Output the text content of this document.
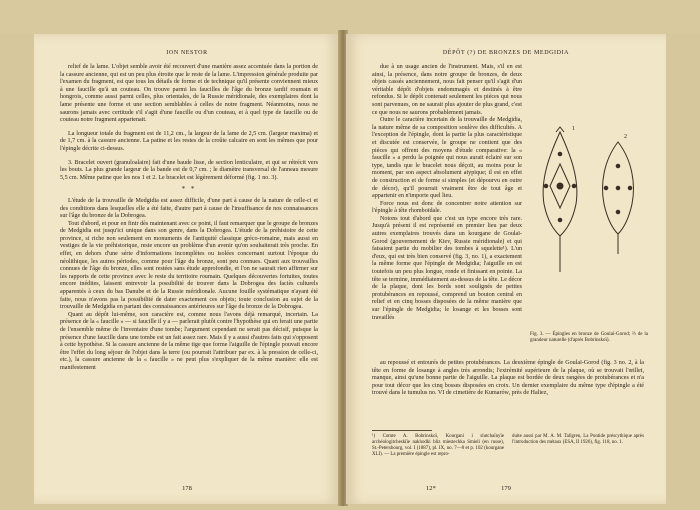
ION NESTOR

relief de la lame. L'objet semble avoir été recouvert d'une manière assez accentuée dans la portion de la cassure ancienne, qui est un peu plus étroite que le reste de la lame. L'impression générale produite par l'examen du fragment, est que tous les détails de forme et de technique qu'il présente conviennent mieux à une faucille qu'à un couteau. On trouve parmi les faucilles de l'âge du bronze tardif roumain et hongrois, comme aussi parmi celles, plus orientales, de la Russie méridionale, des exemplaires dont la lame présente une forme et une section semblables à celles de notre fragment. Néanmoins, nous ne saurons jamais avec certitude s'il s'agit d'une faucille ou d'un couteau, et à quel type de faucille ou de couteau notre fragment appartenait.

La longueur totale du fragment est de 11,2 cm., la largeur de la lame de 2,5 cm. (largeur maxima) et de 1,7 cm. à la cassure ancienne. La patine et les restes de la croûte calcaire en sont les mêmes que pour l'épingle décrite ci-dessus.

3. Bracelet ouvert (granuloalaire) fait d'une baude lisse, de section lenticulaire, et qui se rétrécit vers les bouts. La plus grande largeur de la bande est de 0,7 cm. ; le diamètre transversal de l'anneau mesure 5,5 cm. Même patine que les nos 1 et 2. Le bracelet est légèrement déformé (fig. 1 no. 3).

* *

L'étude de la trouvaille de Medgidia est assez difficile, d'une part à cause de la nature de celle-ci et des conditions dans lesquelles elle a été faite, d'autre part à cause de l'insuffisance de nos connaissances sur l'âge du bronze de la Dobrogea.

Tout d'abord, et pour en finir dès maintenant avec ce point, il faut remarquer que le groupe de bronzes de Medgidia est jusqu'ici unique dans son genre, dans la Dobrogea. L'étude de la préhistoire de cette province, si riche non seulement en monuments de l'antiquité classique gréco-romaine, mais aussi en vestiges de la vie préhistorique, reste encore un problème d'un avenir qu'on souhaiterait très proche. En effet, en dehors d'une série d'informations incomplètes ou isolées concernant surtout l'époque du néolithique, les autres périodes, comme pour l'âge du bronze, sont peu connues. Quant aux trouvailles connues de l'âge du bronze, elles sont restées sans étude approfondie, et l'on ne saurait rien affirmer sur les rapports de cette province avec le reste du territoire roumain. Quelques découvertes fortuites, toutes encore inédites, laissent entrevoir la possibilité de trouver dans la Dobrogea des faciès culturels apparentés à ceux du bas Danube et de la Russie méridionale. Aucune fouille systématique n'ayant été faite, nous n'avons pas la possibilité de dater exactement ces objets; toute conclusion au sujet de la trouvaille de Medgidia en partant des connaissances antérieures sur l'âge du bronze de la Dobrogea.

Quant au dépôt lui-même, son caractère est, comme nous l'avons déjà remarqué, incertain. La présence de la « faucille » — si faucille il y a — parlerait plutôt contre l'hypothèse qui en ferait une partie de l'ensemble même de l'inventaire d'une tombe; l'argument cependant ne serait pas décisif, puisque la présence d'une faucille dans une tombe est un fait assez rare. Mais il y a aussi d'autres faits qui s'opposent à cette hypothèse. Si la cassure ancienne de la même tige que forme l'aiguille de l'épingle pouvait encore être l'effet du long séjour de l'objet dans la terre (ou pourrait l'attribuer par ex. à la pression de celle-ci, etc.), la cassure ancienne de la « faucille » ne peut plus s'expliquer de la même manière: elle est manifestement

178
DÉPÔT (?) DE BRONZES DE MEDGIDIA

due à un usage ancien de l'instrument. Mais, s'il en est ainsi, la présence, dans notre groupe de bronzes, de deux objets cassés anciennement, nous fait penser qu'il s'agit d'un véritable dépôt d'objets endommagés et destinés à être refondus. Si le dépôt contenait seulement les pièces qui nous sont parvenues, on ne saurait plus ajouter de plus grand, c'est ce que nous ne saurons probablement jamais.

Outre le caractère incertain de la trouvaille de Medgidia, la nature même de sa composition soulève des difficultés. A l'exception de l'épingle, dont la partie la plus caractéristique et discutée est conservée, le groupe ne contient que des pièces qui offrent des moyens d'étude comparative: la « faucille » a perdu la poignée qui nous aurait éclairé sur son type, tandis que le bracelet nous déçoit, au moins pour le moment, par son aspect absolument atypique; il est en effet de construction et de forme si simples (et dépourvu en outre de décor), qu'il pourrait vraiment être de tout âge et appartenir en n'importe quel lieu.

Force nous est donc de concentrer notre attention sur l'épingle à tête rhomboïdale.

Notons tout d'abord que c'est un type encore très rare. Jusqu'à présent il est représenté en premier lieu par deux autres exemplaires trouvés dans un kourgane de Goulaï-Gorod (gouvernement de Kiev, Russie méridionale) et qui faisaient partie du mobilier des tombes à squelette¹). L'un d'eux, qui est très bien conservé (fig. 3, no. 1), a exactement la même forme que l'épingle de Medgidia; l'aiguille en est toutefois un peu plus longue, ronde et finissant en pointe. La tête se termine, immédiatement au-dessus de la tête. Le décor de la plaque, dont les bords sont soulignés de petites protubérances en repoussé, comprend un bouton central en relief et en cinq bosses disposées de la même manière que sur l'épingle de Medgidia; le losange et les bosses sont travaillés

1
2
Fig. 3. — Épingles en bronze de Goulaï-Gorod; ⅔ de la grandeur naturelle (d'après Bobrinskoï).

au repoussé et entourés de petites protubérances. La deuxième épingle de Goulaï-Gorod (fig. 3 no. 2, à la tête en forme de losange à angles très arrondis; l'extrémité supérieure de la plaque, où se trouvait l'œillet, manque, ainsi qu'une bonne partie de l'aiguille. La plaque est bordée de deux rangées de protubérances et n'a pour tout décor que les cinq bosses disposées en croix. Un dernier exemplaire du même type d'épingle a été trouvé dans le tumulus no. VI de cimetière de Kumarów, près de Haliez,

¹) Comte A. Bobrinskoï, Kourgani i slutchaïnyïe archéologitcheskiïe nakhodki bliz miestechka Smieli (en russe), St.-Petersbourg, vol. I (1887), pl. IX, no. 7—8 et p. 102 (kourgane XLI). — La première épingle est repro-
duite aussi par M. A. M. Tallgren, La Pontide préscythique après l'introduction des métaux (ESA, II 1926), fig. 118, no. 1.
12*	179
